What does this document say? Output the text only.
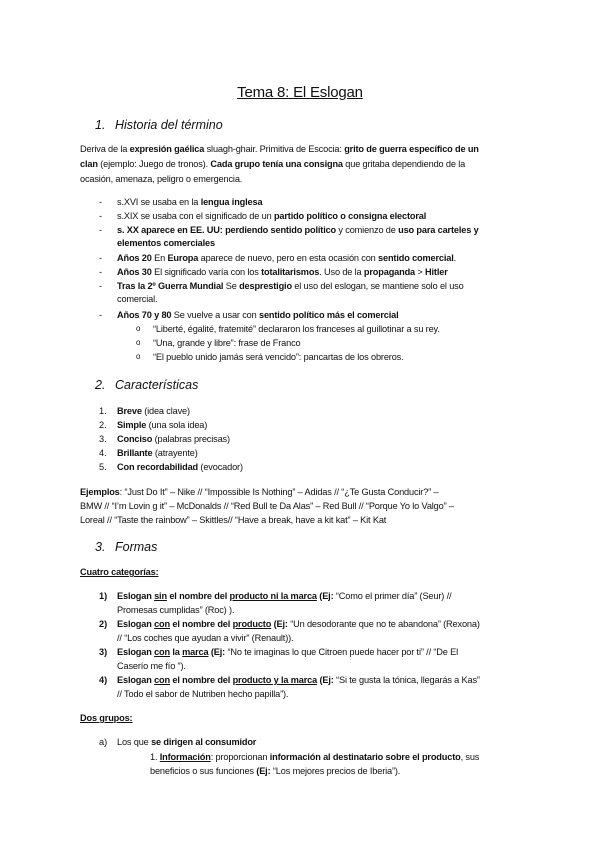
Tema 8: El Eslogan
1. Historia del término
Deriva de la expresión gaélica sluagh-ghair. Primitiva de Escocia: grito de guerra específico de un
clan (ejemplo: Juego de tronos). Cada grupo tenía una consigna que gritaba dependiendo de la
ocasión, amenaza, peligro o emergencia.
- s.XVI se usaba en la lengua inglesa
- s.XIX se usaba con el significado de un partido político o consigna electoral
- s. XX aparece en EE. UU: perdiendo sentido político y comienzo de uso para carteles y
elementos comerciales
- Años 20 En Europa aparece de nuevo, pero en esta ocasión con sentido comercial.
- Años 30 El significado varía con los totalitarismos. Uso de la propaganda > Hitler
- Tras la 2º Guerra Mundial Se desprestigio el uso del eslogan, se mantiene solo el uso
comercial.
- Años 70 y 80 Se vuelve a usar con sentido político más el comercial
o “Liberté, égalité, fratemité” declararon los franceses al guillotinar a su rey.
o “Una, grande y libre”: frase de Franco
o “El pueblo unido jamás será vencido”: pancartas de los obreros.
2. Características
1. Breve (idea clave)
2. Simple (una sola idea)
3. Conciso (palabras precisas)
4. Brillante (atrayente)
5. Con recordabilidad (evocador)
Ejemplos: “Just Do It” – Nike // “Impossible Is Nothing” – Adidas // “¿Te Gusta Conducir?” –
BMW // “I’m Lovin g it” – McDonalds // “Red Bull te Da Alas” – Red Bull // “Porque Yo lo Valgo” –
Loreal // “Taste the rainbow” – Skittles// “Have a break, have a kit kat” – Kit Kat
3. Formas
Cuatro categorías:
1) Eslogan sin el nombre del producto ni la marca (Ej: “Como el primer día” (Seur) //
Promesas cumplidas” (Roc) ).
2) Eslogan con el nombre del producto (Ej: “Un desodorante que no te abandona” (Rexona)
// “Los coches que ayudan a vivir” (Renault)).
3) Eslogan con la marca (Ej: “No te imaginas lo que Citroen puede hacer por ti” // “De El
Caserío me fío ”).
4) Eslogan con el nombre del producto y la marca (Ej: “Si te gusta la tónica, llegarás a Kas”
// Todo el sabor de Nutriben hecho papilla”).
Dos grupos:
a) Los que se dirigen al consumidor
1. Información: proporcionan información al destinatario sobre el producto, sus
beneficios o sus funciones (Ej: “Los mejores precios de Iberia”).
